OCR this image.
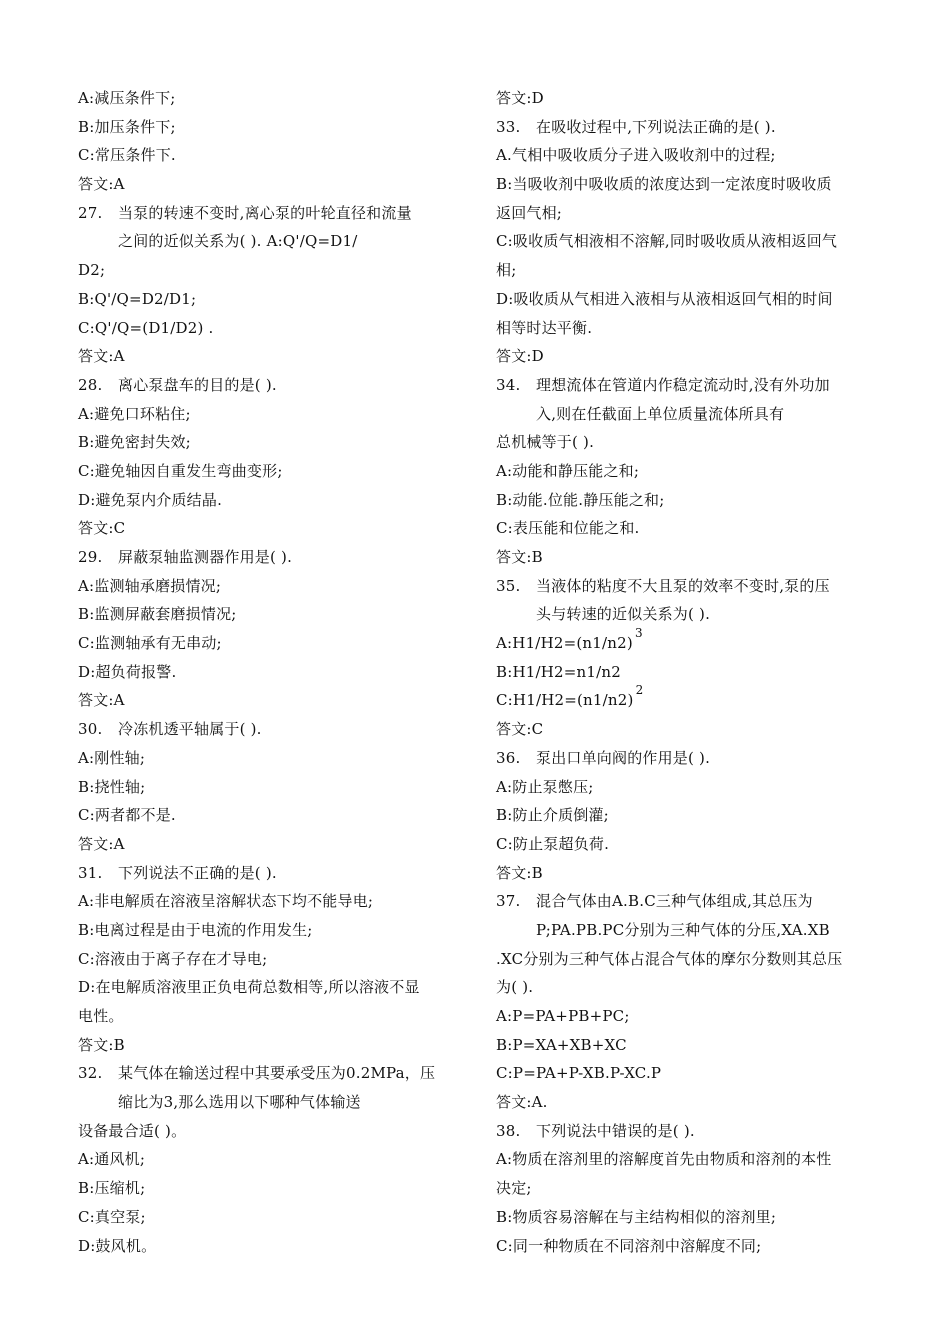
A:减压条件下;
B:加压条件下;
C:常压条件下.
答文:A
27.	当泵的转速不变时,离心泵的叶轮直径和流量
之间的近似关系为( ). A:Q'/Q=D1/
D2;
B:Q'/Q=D2/D1;
C:Q'/Q=(D1/D2) .
答文:A
28.	离心泵盘车的目的是( ).
A:避免口环粘住;
B:避免密封失效;
C:避免轴因自重发生弯曲变形;
D:避免泵内介质结晶.
答文:C
29.	屏蔽泵轴监测器作用是( ).
A:监测轴承磨损情况;
B:监测屏蔽套磨损情况;
C:监测轴承有无串动;
D:超负荷报警.
答文:A
30.	冷冻机透平轴属于( ).
A:刚性轴;
B:挠性轴;
C:两者都不是.
答文:A
31.	下列说法不正确的是( ).
A:非电解质在溶液呈溶解状态下均不能导电;
B:电离过程是由于电流的作用发生;
C:溶液由于离子存在才导电;
D:在电解质溶液里正负电荷总数相等,所以溶液不显
电性。
答文:B
32.	某气体在输送过程中其要承受压为0.2MPa，压
缩比为3,那么选用以下哪种气体输送
设备最合适( )。
A:通风机;
B:压缩机;
C:真空泵;
D:鼓风机。
答文:D
33.	在吸收过程中,下列说法正确的是( ).
A.气相中吸收质分子进入吸收剂中的过程;
B:当吸收剂中吸收质的浓度达到一定浓度时吸收质
返回气相;
C:吸收质气相液相不溶解,同时吸收质从液相返回气
相;
D:吸收质从气相进入液相与从液相返回气相的时间
相等时达平衡.
答文:D
34.	理想流体在管道内作稳定流动时,没有外功加
入,则在任截面上单位质量流体所具有
总机械等于( ).
A:动能和静压能之和;
B:动能.位能.静压能之和;
C:表压能和位能之和.
答文:B
35.	当液体的粘度不大且泵的效率不变时,泵的压
头与转速的近似关系为( ).
A:H1/H2=(n1/n2)
3
B:H1/H2=n1/n2
C:H1/H2=(n1/n2)
2
答文:C
36.	泵出口单向阀的作用是( ).
A:防止泵憋压;
B:防止介质倒灌;
C:防止泵超负荷.
答文:B
37.	混合气体由A.B.C三种气体组成,其总压为
P;PA.PB.PC分别为三种气体的分压,XA.XB
.XC分别为三种气体占混合气体的摩尔分数则其总压
为( ).
A:P=PA+PB+PC;
B:P=XA+XB+XC
C:P=PA+P-XB.P-XC.P
答文:A.
38.	下列说法中错误的是( ).
A:物质在溶剂里的溶解度首先由物质和溶剂的本性
决定;
B:物质容易溶解在与主结构相似的溶剂里;
C:同一种物质在不同溶剂中溶解度不同;
